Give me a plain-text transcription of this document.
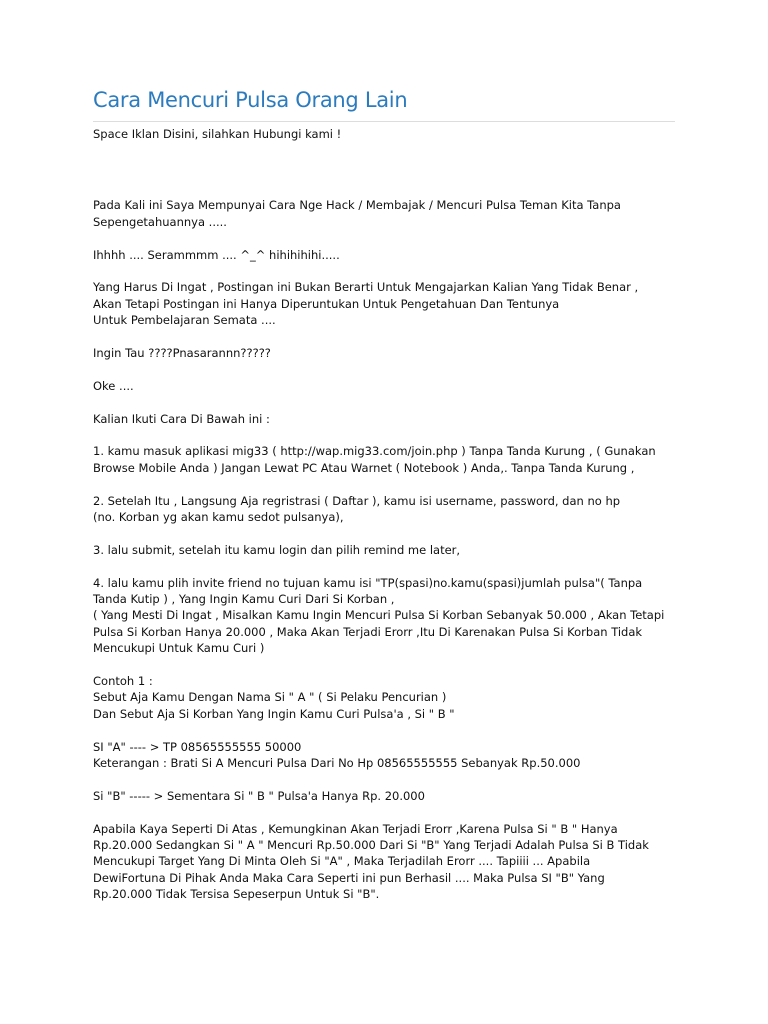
Cara Mencuri Pulsa Orang Lain
Space Iklan Disini, silahkan Hubungi kami !
Pada Kali ini Saya Mempunyai Cara Nge Hack / Membajak / Mencuri Pulsa Teman Kita Tanpa
Sepengetahuannya .....
Ihhhh .... Serammmm .... ^_^ hihihihihi.....
Yang Harus Di Ingat , Postingan ini Bukan Berarti Untuk Mengajarkan Kalian Yang Tidak Benar ,
Akan Tetapi Postingan ini Hanya Diperuntukan Untuk Pengetahuan Dan Tentunya
Untuk Pembelajaran Semata ....
Ingin Tau ????Pnasarannn?????
Oke ....
Kalian Ikuti Cara Di Bawah ini :
1. kamu masuk aplikasi mig33 ( http://wap.mig33.com/join.php ) Tanpa Tanda Kurung , ( Gunakan
Browse Mobile Anda ) Jangan Lewat PC Atau Warnet ( Notebook ) Anda,. Tanpa Tanda Kurung ,
2. Setelah Itu , Langsung Aja regristrasi ( Daftar ), kamu isi username, password, dan no hp
(no. Korban yg akan kamu sedot pulsanya),
3. lalu submit, setelah itu kamu login dan pilih remind me later,
4. lalu kamu plih invite friend no tujuan kamu isi "TP(spasi)no.kamu(spasi)jumlah pulsa"( Tanpa
Tanda Kutip ) , Yang Ingin Kamu Curi Dari Si Korban ,
( Yang Mesti Di Ingat , Misalkan Kamu Ingin Mencuri Pulsa Si Korban Sebanyak 50.000 , Akan Tetapi
Pulsa Si Korban Hanya 20.000 , Maka Akan Terjadi Erorr ,Itu Di Karenakan Pulsa Si Korban Tidak
Mencukupi Untuk Kamu Curi )
Contoh 1 :
Sebut Aja Kamu Dengan Nama Si " A " ( Si Pelaku Pencurian )
Dan Sebut Aja Si Korban Yang Ingin Kamu Curi Pulsa'a , Si " B "
SI "A" ---- > TP 08565555555 50000
Keterangan : Brati Si A Mencuri Pulsa Dari No Hp 08565555555 Sebanyak Rp.50.000
Si "B" ----- > Sementara Si " B " Pulsa'a Hanya Rp. 20.000
Apabila Kaya Seperti Di Atas , Kemungkinan Akan Terjadi Erorr ,Karena Pulsa Si " B " Hanya
Rp.20.000 Sedangkan Si " A " Mencuri Rp.50.000 Dari Si "B" Yang Terjadi Adalah Pulsa Si B Tidak
Mencukupi Target Yang Di Minta Oleh Si "A" , Maka Terjadilah Erorr .... Tapiiii ... Apabila
DewiFortuna Di Pihak Anda Maka Cara Seperti ini pun Berhasil .... Maka Pulsa SI "B" Yang
Rp.20.000 Tidak Tersisa Sepeserpun Untuk Si "B".
